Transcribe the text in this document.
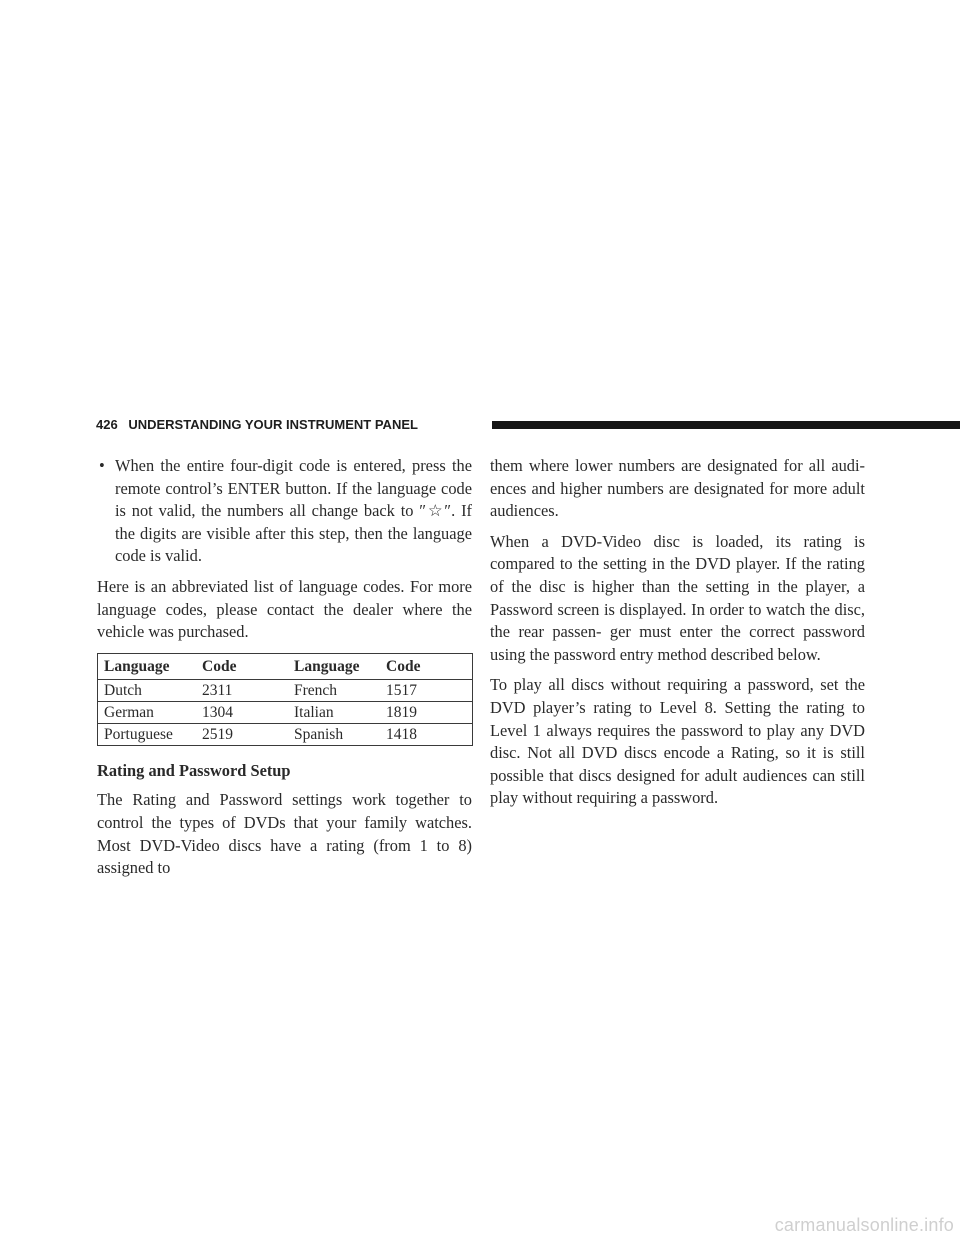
426 UNDERSTANDING YOUR INSTRUMENT PANEL
• When the entire four-digit code is entered, press the remote control’s ENTER button. If the language code is not valid, the numbers all change back to ″☆″. If the digits are visible after this step, then the language code is valid.

Here is an abbreviated list of language codes. For more language codes, please contact the dealer where the vehicle was purchased.

Language	Code	Language	Code
Dutch	2311	French	1517
German	1304	Italian	1819
Portuguese	2519	Spanish	1418
Rating and Password Setup

The Rating and Password settings work together to control the types of DVDs that your family watches. Most DVD-Video discs have a rating (from 1 to 8) assigned to

them where lower numbers are designated for all audi- ences and higher numbers are designated for more adult audiences.

When a DVD-Video disc is loaded, its rating is compared to the setting in the DVD player. If the rating of the disc is higher than the setting in the player, a Password screen is displayed. In order to watch the disc, the rear passen- ger must enter the correct password using the password entry method described below.

To play all discs without requiring a password, set the DVD player’s rating to Level 8. Setting the rating to Level 1 always requires the password to play any DVD disc. Not all DVD discs encode a Rating, so it is still possible that discs designed for adult audiences can still play without requiring a password.

carmanualsonline.info
